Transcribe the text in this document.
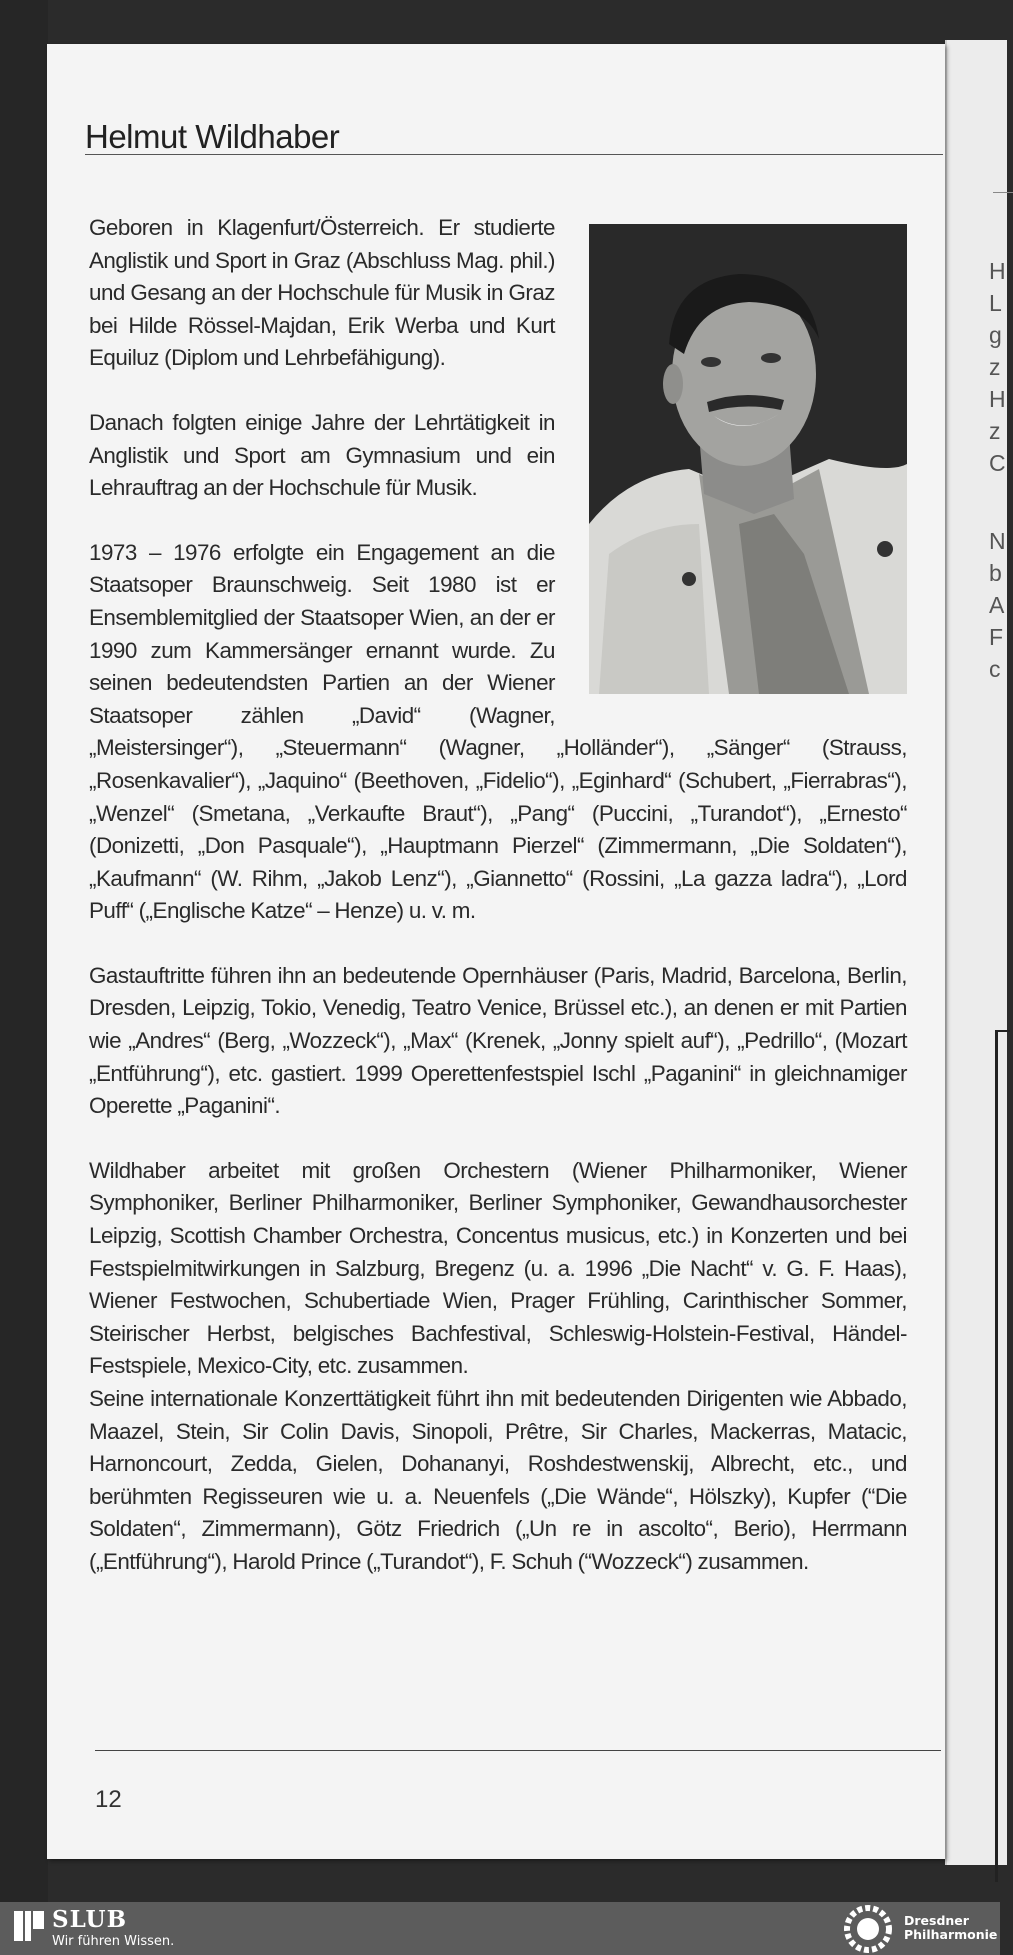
H
L
g
z
H
z
C
N
b
A
F
c
Helmut Wildhaber

Geboren in Klagenfurt/Österreich. Er studierte Anglistik und Sport in Graz (Abschluss Mag. phil.) und Gesang an der Hochschule für Musik in Graz bei Hilde Rössel-Majdan, Erik Werba und Kurt Equiluz (Diplom und Lehrbefähigung).

Danach folgten einige Jahre der Lehrtätigkeit in Anglistik und Sport am Gymnasium und ein Lehrauftrag an der Hochschule für Musik.

1973 – 1976 erfolgte ein Engagement an die Staatsoper Braunschweig. Seit 1980 ist er Ensemblemitglied der Staatsoper Wien, an der er 1990 zum Kammersänger ernannt wurde. Zu seinen bedeutendsten Partien an der Wiener Staatsoper zählen „David“ (Wagner, „Meistersinger“), „Steuermann“ (Wagner, „Holländer“), „Sänger“ (Strauss, „Rosenkavalier“), „Jaquino“ (Beethoven, „Fidelio“), „Eginhard“ (Schubert, „Fierrabras“), „Wenzel“ (Smetana, „Verkaufte Braut“), „Pang“ (Puccini, „Turandot“), „Ernesto“ (Donizetti, „Don Pasquale“), „Hauptmann Pierzel“ (Zimmermann, „Die Soldaten“), „Kaufmann“ (W. Rihm, „Jakob Lenz“), „Giannetto“ (Rossini, „La gazza ladra“), „Lord Puff“ („Englische Katze“ – Henze) u. v. m.

Gastauftritte führen ihn an bedeutende Opernhäuser (Paris, Madrid, Barcelona, Berlin, Dresden, Leipzig, Tokio, Venedig, Teatro Venice, Brüssel etc.), an denen er mit Partien wie „Andres“ (Berg, „Wozzeck“), „Max“ (Krenek, „Jonny spielt auf“), „Pedrillo“, (Mozart „Entführung“), etc. gastiert. 1999 Operettenfestspiel Ischl „Paganini“ in gleichnamiger Operette „Paganini“.

Wildhaber arbeitet mit großen Orchestern (Wiener Philharmoniker, Wiener Symphoniker, Berliner Philharmoniker, Berliner Symphoniker, Gewandhausorchester Leipzig, Scottish Chamber Orchestra, Concentus musicus, etc.) in Konzerten und bei Festspielmitwirkungen in Salzburg, Bregenz (u. a. 1996 „Die Nacht“ v. G. F. Haas), Wiener Festwochen, Schubertiade Wien, Prager Frühling, Carinthischer Sommer, Steirischer Herbst, belgisches Bachfestival, Schleswig-Holstein-Festival, Händel-Festspiele, Mexico-City, etc. zusammen.

Seine internationale Konzerttätigkeit führt ihn mit bedeutenden Dirigenten wie Abbado, Maazel, Stein, Sir Colin Davis, Sinopoli, Prêtre, Sir Charles, Mackerras, Matacic, Harnoncourt, Zedda, Gielen, Dohananyi, Roshdestwenskij, Albrecht, etc., und berühmten Regisseuren wie u. a. Neuenfels („Die Wände“, Hölszky), Kupfer (“Die Soldaten“, Zimmermann), Götz Friedrich („Un re in ascolto“, Berio), Herrmann („Entführung“), Harold Prince („Turandot“), F. Schuh (“Wozzeck“) zusammen.

12
SLUB
Wir führen Wissen.
Dresdner
Philharmonie
